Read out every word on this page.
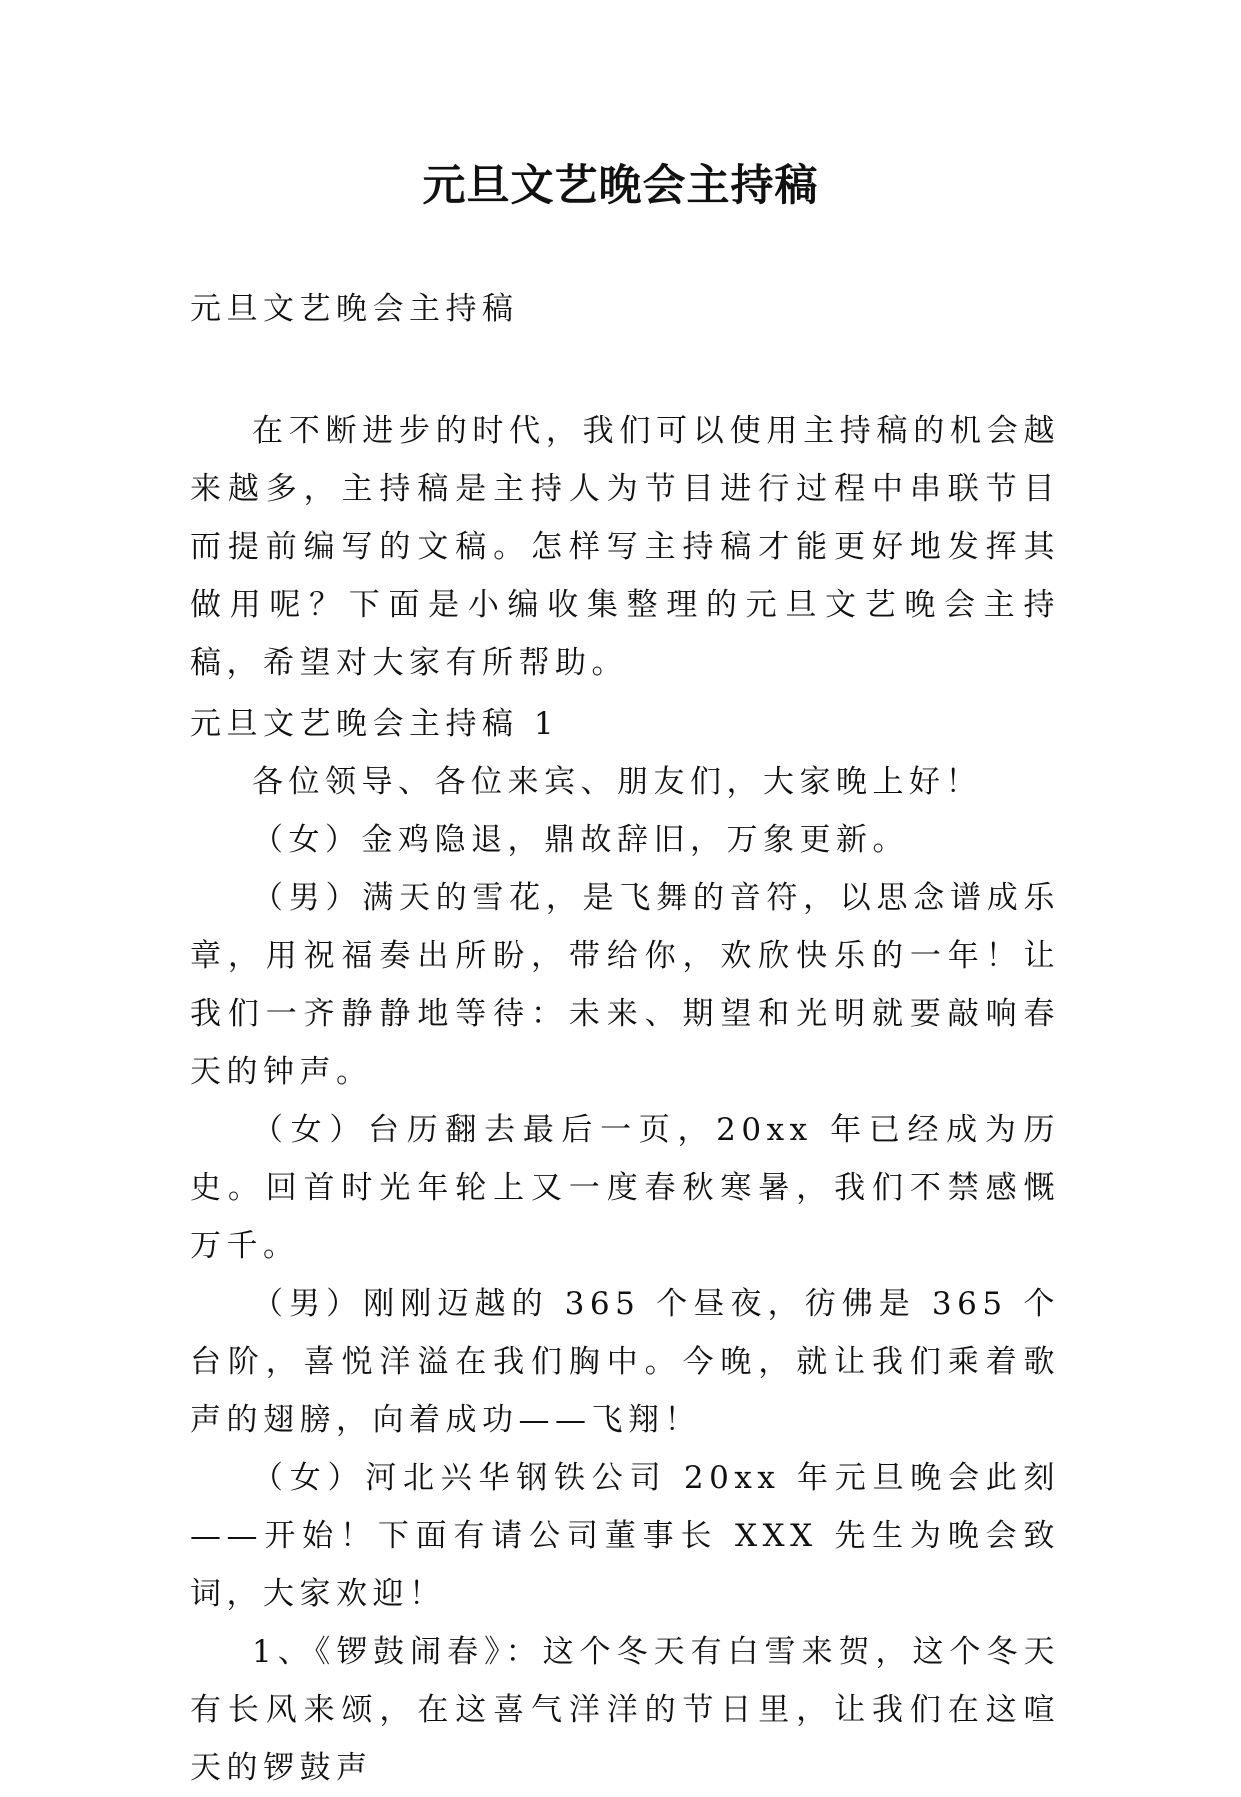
元旦文艺晚会主持稿
元旦文艺晚会主持稿

在不断进步的时代，我们可以使用主持稿的机会越来越多，主持稿是主持人为节目进行过程中串联节目而提前编写的文稿。怎样写主持稿才能更好地发挥其做用呢？下面是小编收集整理的元旦文艺晚会主持稿，希望对大家有所帮助。

元旦文艺晚会主持稿 1

各位领导、各位来宾、朋友们，大家晚上好！

（女）金鸡隐退，鼎故辞旧，万象更新。

（男）满天的雪花，是飞舞的音符，以思念谱成乐章，用祝福奏出所盼，带给你，欢欣快乐的一年！让我们一齐静静地等待：未来、期望和光明就要敲响春天的钟声。

（女）台历翻去最后一页，20xx 年已经成为历史。回首时光年轮上又一度春秋寒暑，我们不禁感慨万千。

（男）刚刚迈越的 365 个昼夜，彷佛是 365 个台阶，喜悦洋溢在我们胸中。今晚，就让我们乘着歌声的翅膀，向着成功——飞翔！

（女）河北兴华钢铁公司 20xx 年元旦晚会此刻——开始！下面有请公司董事长 XXX 先生为晚会致词，大家欢迎！

1、《锣鼓闹春》：这个冬天有白雪来贺，这个冬天有长风来颂，在这喜气洋洋的节日里，让我们在这喧天的锣鼓声
